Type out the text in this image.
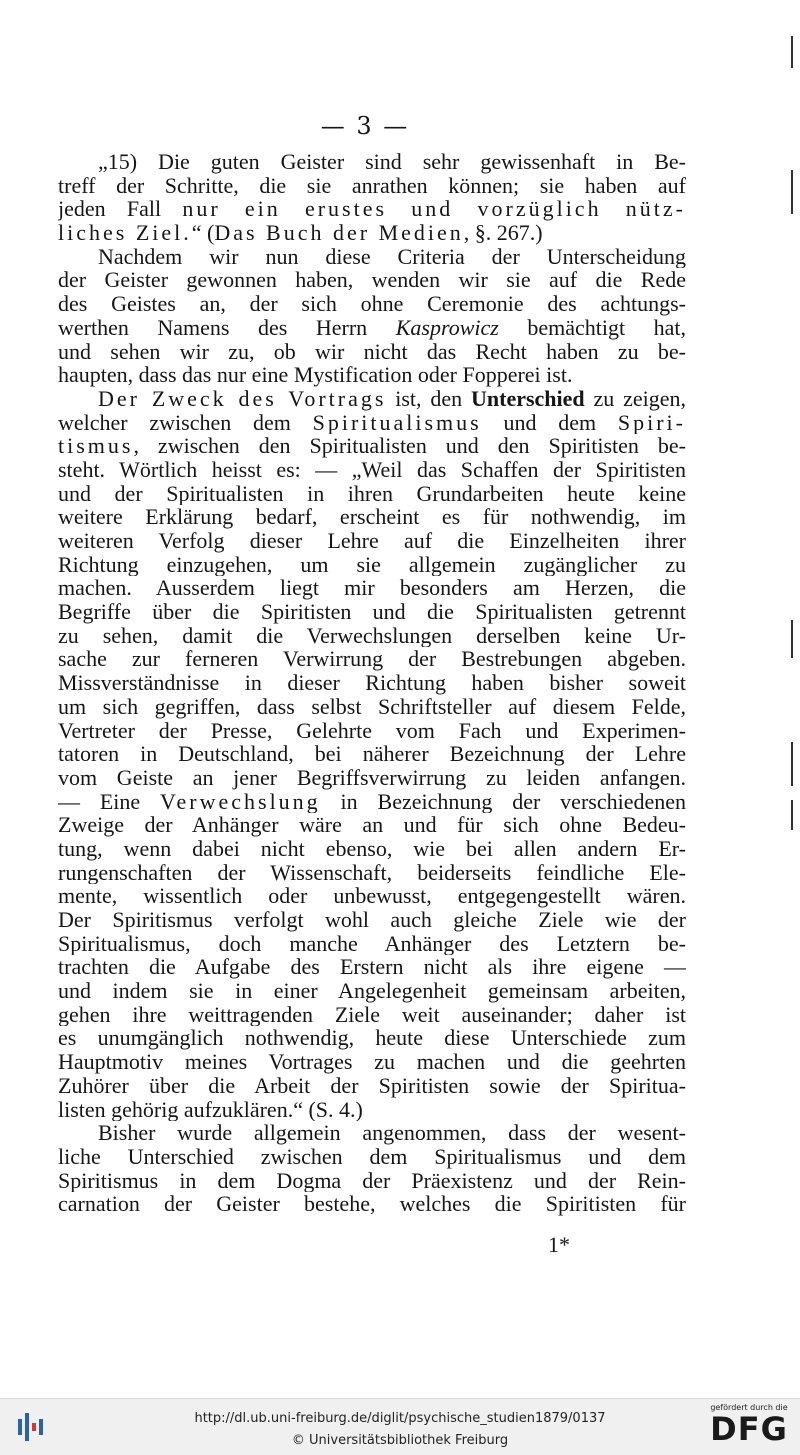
— 3 —
„15) Die guten Geister sind sehr gewissenhaft in Be-
treff der Schritte, die sie anrathen können; sie haben auf
jeden Fall nur ein erustes und vorzüglich nütz-
liches Ziel.“ (Das Buch der Medien, §. 267.)
Nachdem wir nun diese Criteria der Unterscheidung
der Geister gewonnen haben, wenden wir sie auf die Rede
des Geistes an, der sich ohne Ceremonie des achtungs-
werthen Namens des Herrn Kasprowicz bemächtigt hat,
und sehen wir zu, ob wir nicht das Recht haben zu be-
haupten, dass das nur eine Mystification oder Fopperei ist.
Der Zweck des Vortrags ist, den Unterschied zu zeigen,
welcher zwischen dem Spiritualismus und dem Spiri-
tismus, zwischen den Spiritualisten und den Spiritisten be-
steht. Wörtlich heisst es: — „Weil das Schaffen der Spiritisten
und der Spiritualisten in ihren Grundarbeiten heute keine
weitere Erklärung bedarf, erscheint es für nothwendig, im
weiteren Verfolg dieser Lehre auf die Einzelheiten ihrer
Richtung einzugehen, um sie allgemein zugänglicher zu
machen. Ausserdem liegt mir besonders am Herzen, die
Begriffe über die Spiritisten und die Spiritualisten getrennt
zu sehen, damit die Verwechslungen derselben keine Ur-
sache zur ferneren Verwirrung der Bestrebungen abgeben.
Missverständnisse in dieser Richtung haben bisher soweit
um sich gegriffen, dass selbst Schriftsteller auf diesem Felde,
Vertreter der Presse, Gelehrte vom Fach und Experimen-
tatoren in Deutschland, bei näherer Bezeichnung der Lehre
vom Geiste an jener Begriffsverwirrung zu leiden anfangen.
— Eine Verwechslung in Bezeichnung der verschiedenen
Zweige der Anhänger wäre an und für sich ohne Bedeu-
tung, wenn dabei nicht ebenso, wie bei allen andern Er-
rungenschaften der Wissenschaft, beiderseits feindliche Ele-
mente, wissentlich oder unbewusst, entgegengestellt wären.
Der Spiritismus verfolgt wohl auch gleiche Ziele wie der
Spiritualismus, doch manche Anhänger des Letztern be-
trachten die Aufgabe des Erstern nicht als ihre eigene —
und indem sie in einer Angelegenheit gemeinsam arbeiten,
gehen ihre weittragenden Ziele weit auseinander; daher ist
es unumgänglich nothwendig, heute diese Unterschiede zum
Hauptmotiv meines Vortrages zu machen und die geehrten
Zuhörer über die Arbeit der Spiritisten sowie der Spiritua-
listen gehörig aufzuklären.“ (S. 4.)
Bisher wurde allgemein angenommen, dass der wesent-
liche Unterschied zwischen dem Spiritualismus und dem
Spiritismus in dem Dogma der Präexistenz und der Rein-
carnation der Geister bestehe, welches die Spiritisten für
1*
http://dl.ub.uni-freiburg.de/diglit/psychische_studien1879/0137
© Universitätsbibliothek Freiburg
gefördert durch die
DFG
